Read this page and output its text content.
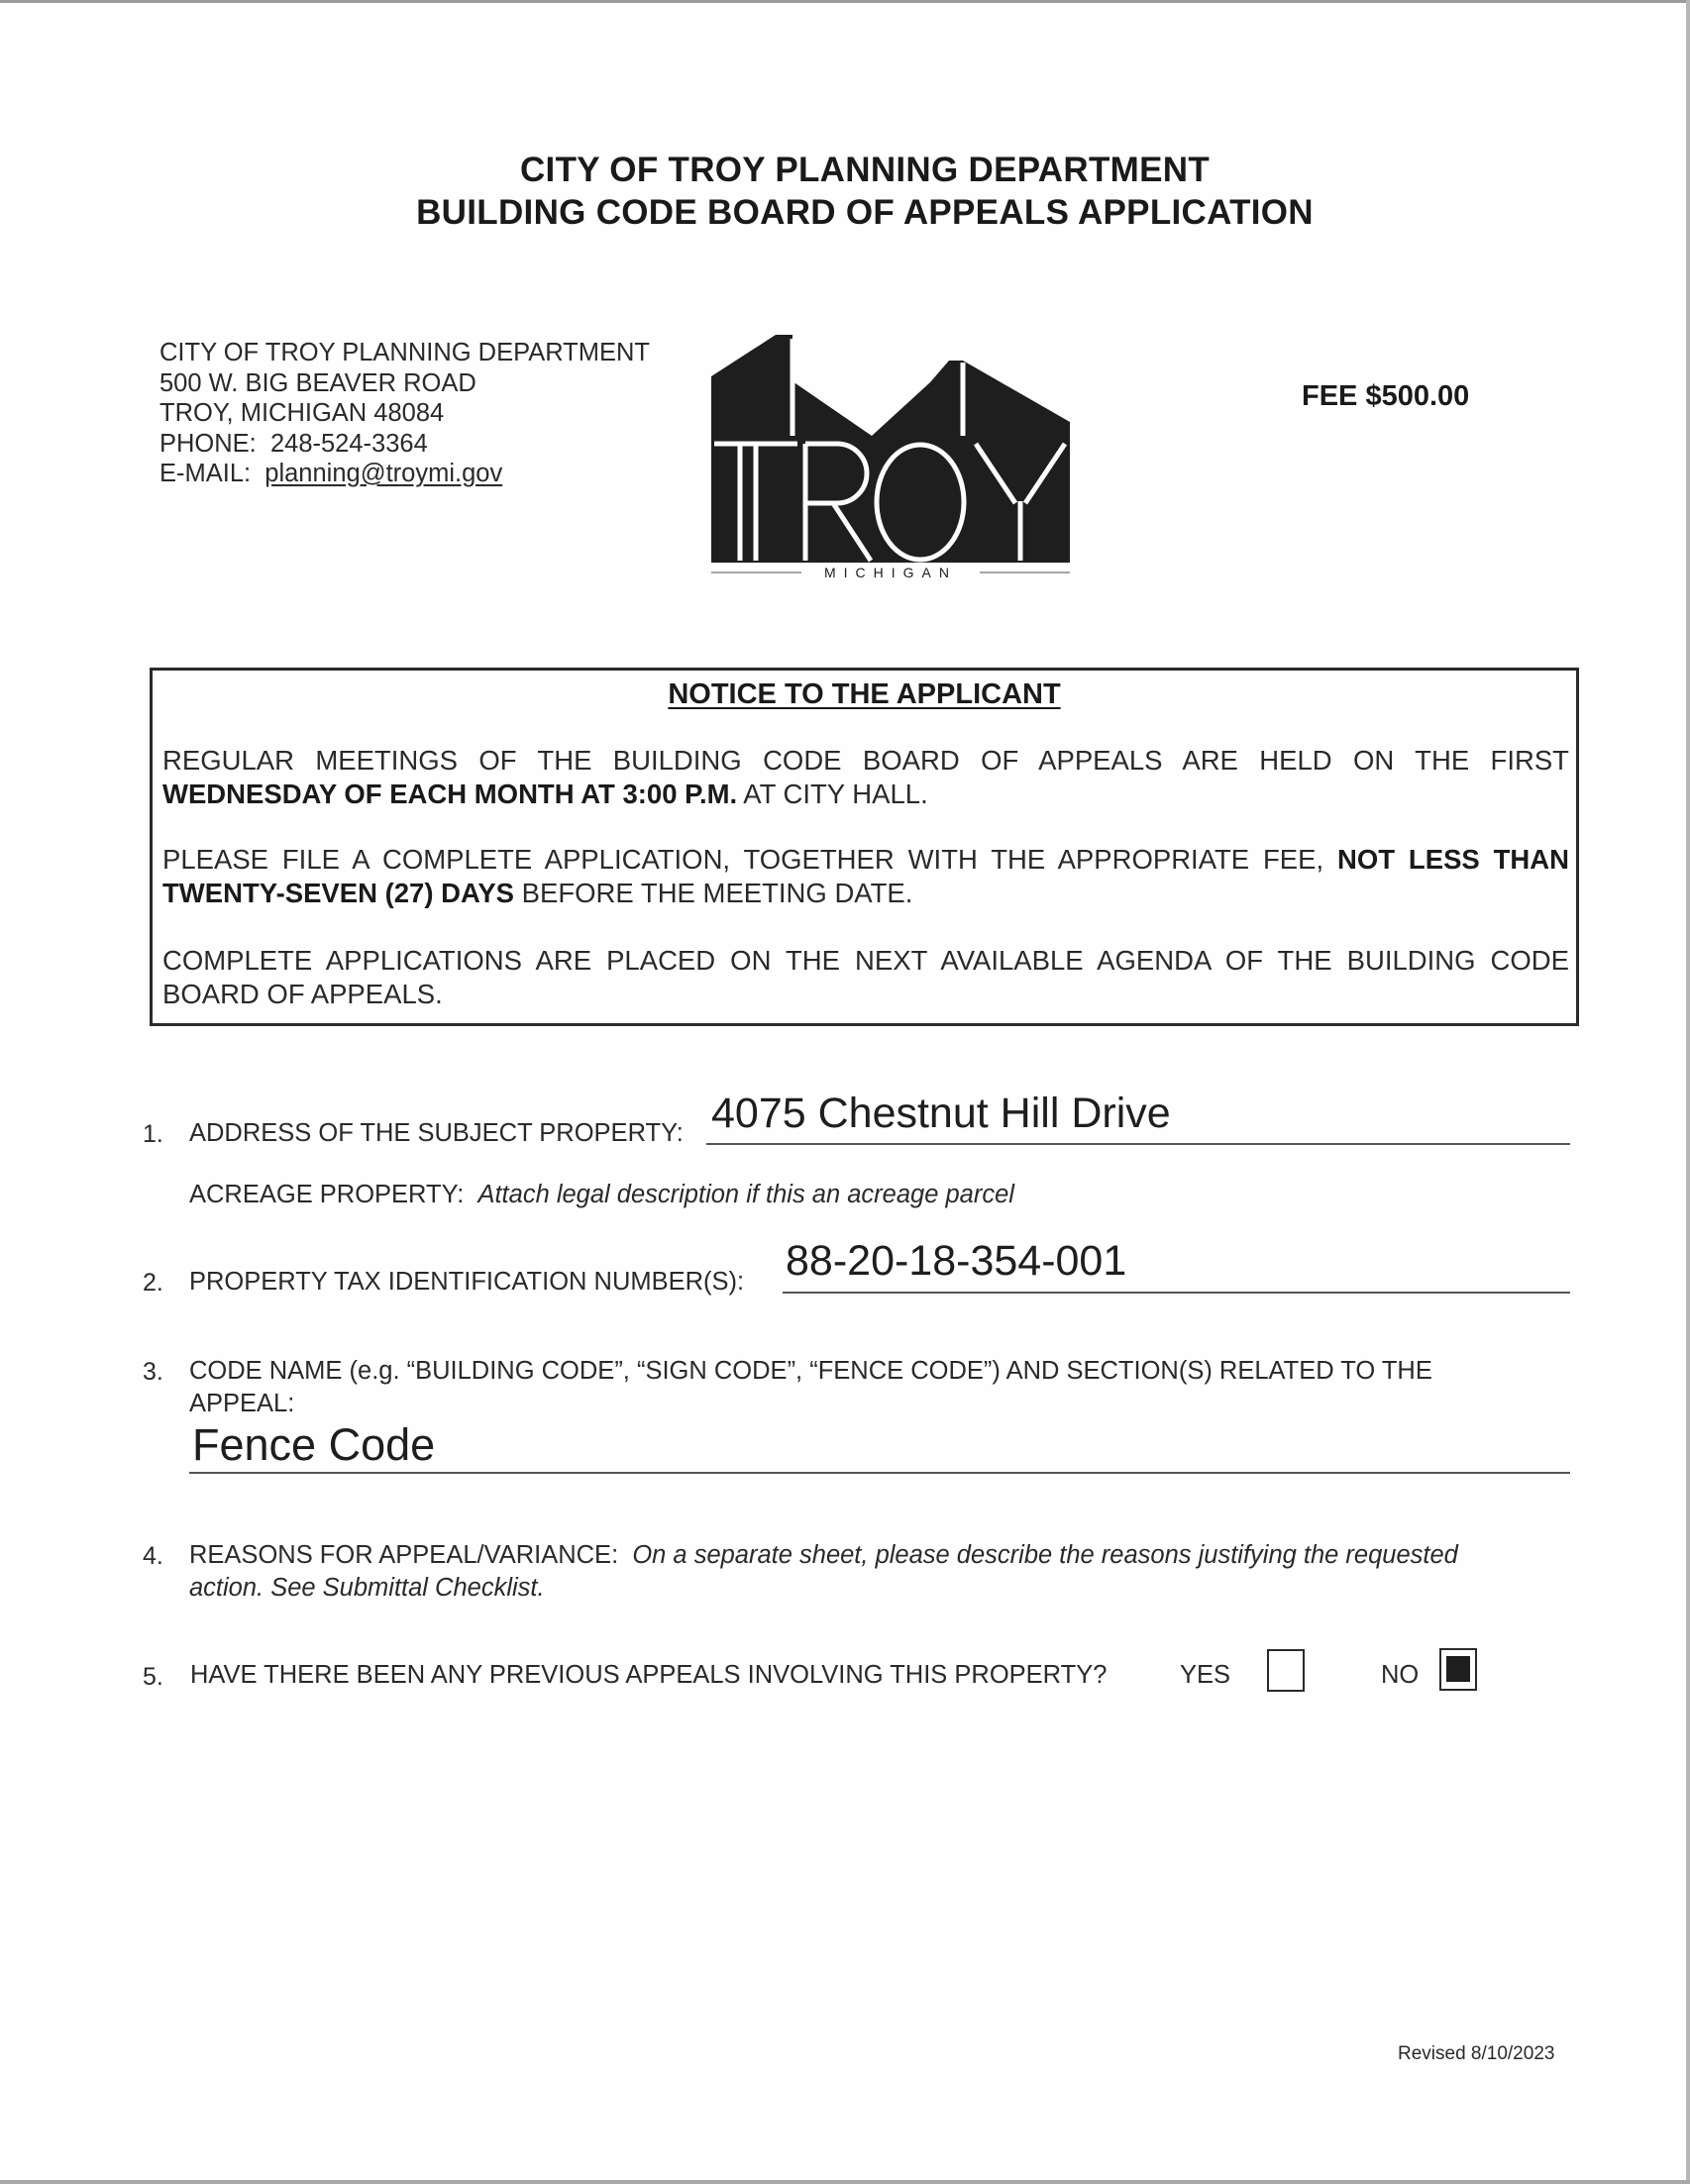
CITY OF TROY PLANNING DEPARTMENT
BUILDING CODE BOARD OF APPEALS APPLICATION
CITY OF TROY PLANNING DEPARTMENT
500 W. BIG BEAVER ROAD
TROY, MICHIGAN 48084
PHONE: 248-524-3364
E-MAIL: planning@troymi.gov
MICHIGAN
TROY
FEE $500.00
NOTICE TO THE APPLICANT
REGULAR MEETINGS OF THE BUILDING CODE BOARD OF APPEALS ARE HELD ON THE FIRST WEDNESDAY OF EACH MONTH AT 3:00 P.M. AT CITY HALL.
PLEASE FILE A COMPLETE APPLICATION, TOGETHER WITH THE APPROPRIATE FEE, NOT LESS THAN TWENTY-SEVEN (27) DAYS BEFORE THE MEETING DATE.
COMPLETE APPLICATIONS ARE PLACED ON THE NEXT AVAILABLE AGENDA OF THE BUILDING CODE BOARD OF APPEALS.
1. ADDRESS OF THE SUBJECT PROPERTY: 4075 Chestnut Hill Drive
ACREAGE PROPERTY: Attach legal description if this an acreage parcel
2. PROPERTY TAX IDENTIFICATION NUMBER(S): 88-20-18-354-001
3. CODE NAME (e.g. “BUILDING CODE”, “SIGN CODE”, “FENCE CODE”) AND SECTION(S) RELATED TO THE
APPEAL:
Fence Code
4. REASONS FOR APPEAL/VARIANCE: On a separate sheet, please describe the reasons justifying the requested
action. See Submittal Checklist.
5. HAVE THERE BEEN ANY PREVIOUS APPEALS INVOLVING THIS PROPERTY?	YES	NO
Revised 8/10/2023
